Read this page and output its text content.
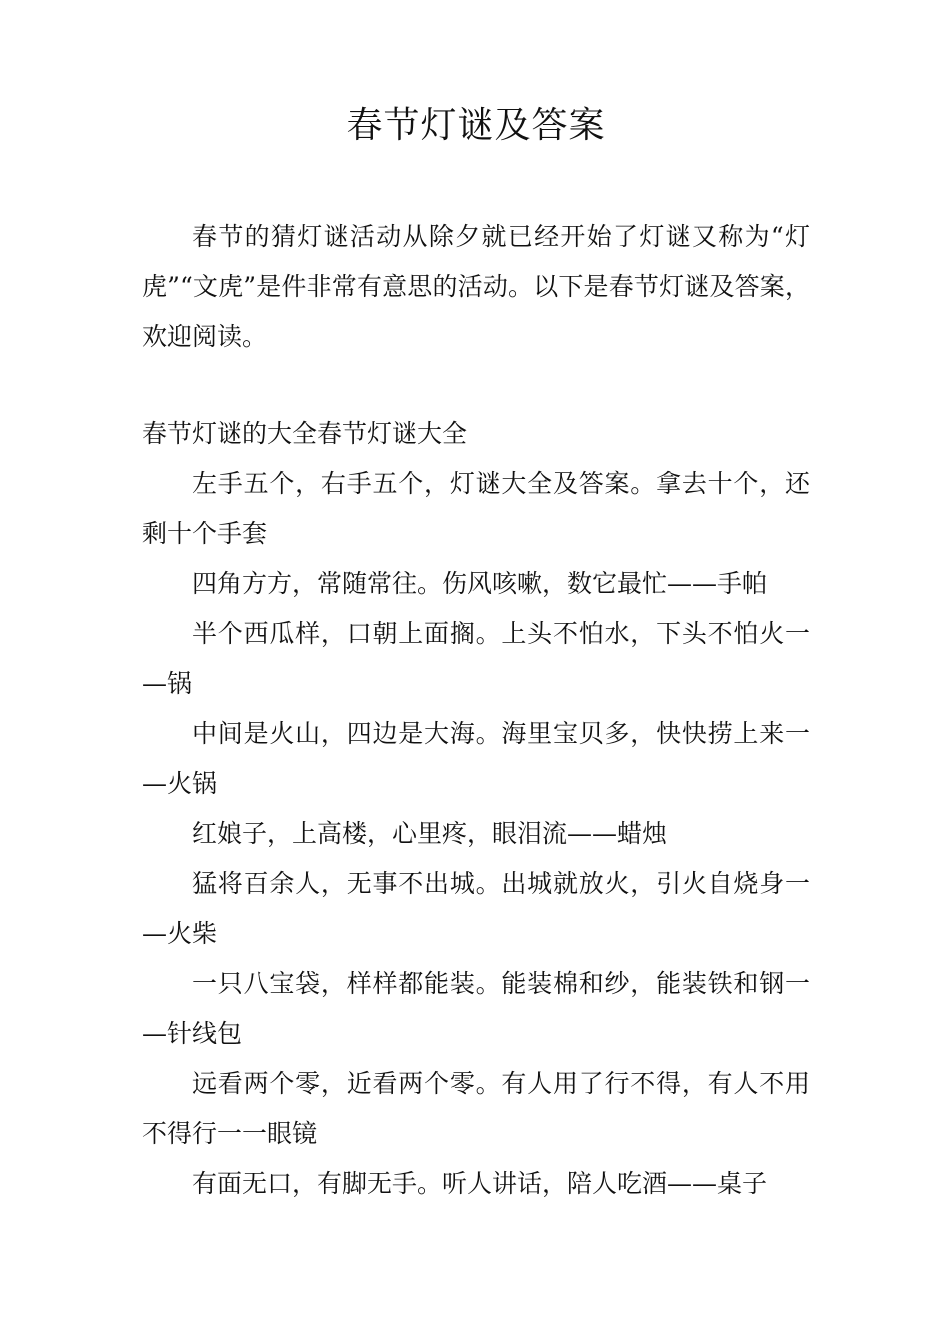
春节灯谜及答案

春节的猜灯谜活动从除夕就已经开始了灯谜又称为“灯虎”“文虎”是件非常有意思的活动。以下是春节灯谜及答案，欢迎阅读。

春节灯谜的大全春节灯谜大全

左手五个，右手五个，灯谜大全及答案。拿去十个，还剩十个手套
四角方方，常随常往。伤风咳嗽，数它最忙——手帕
半个西瓜样，口朝上面搁。上头不怕水，下头不怕火一—锅
中间是火山，四边是大海。海里宝贝多，快快捞上来一—火锅
红娘子，上高楼，心里疼，眼泪流——蜡烛
猛将百余人，无事不出城。出城就放火，引火自烧身一—火柴
一只八宝袋，样样都能装。能装棉和纱，能装铁和钢一—针线包
远看两个零，近看两个零。有人用了行不得，有人不用不得行一一眼镜
有面无口，有脚无手。听人讲话，陪人吃酒——桌子
